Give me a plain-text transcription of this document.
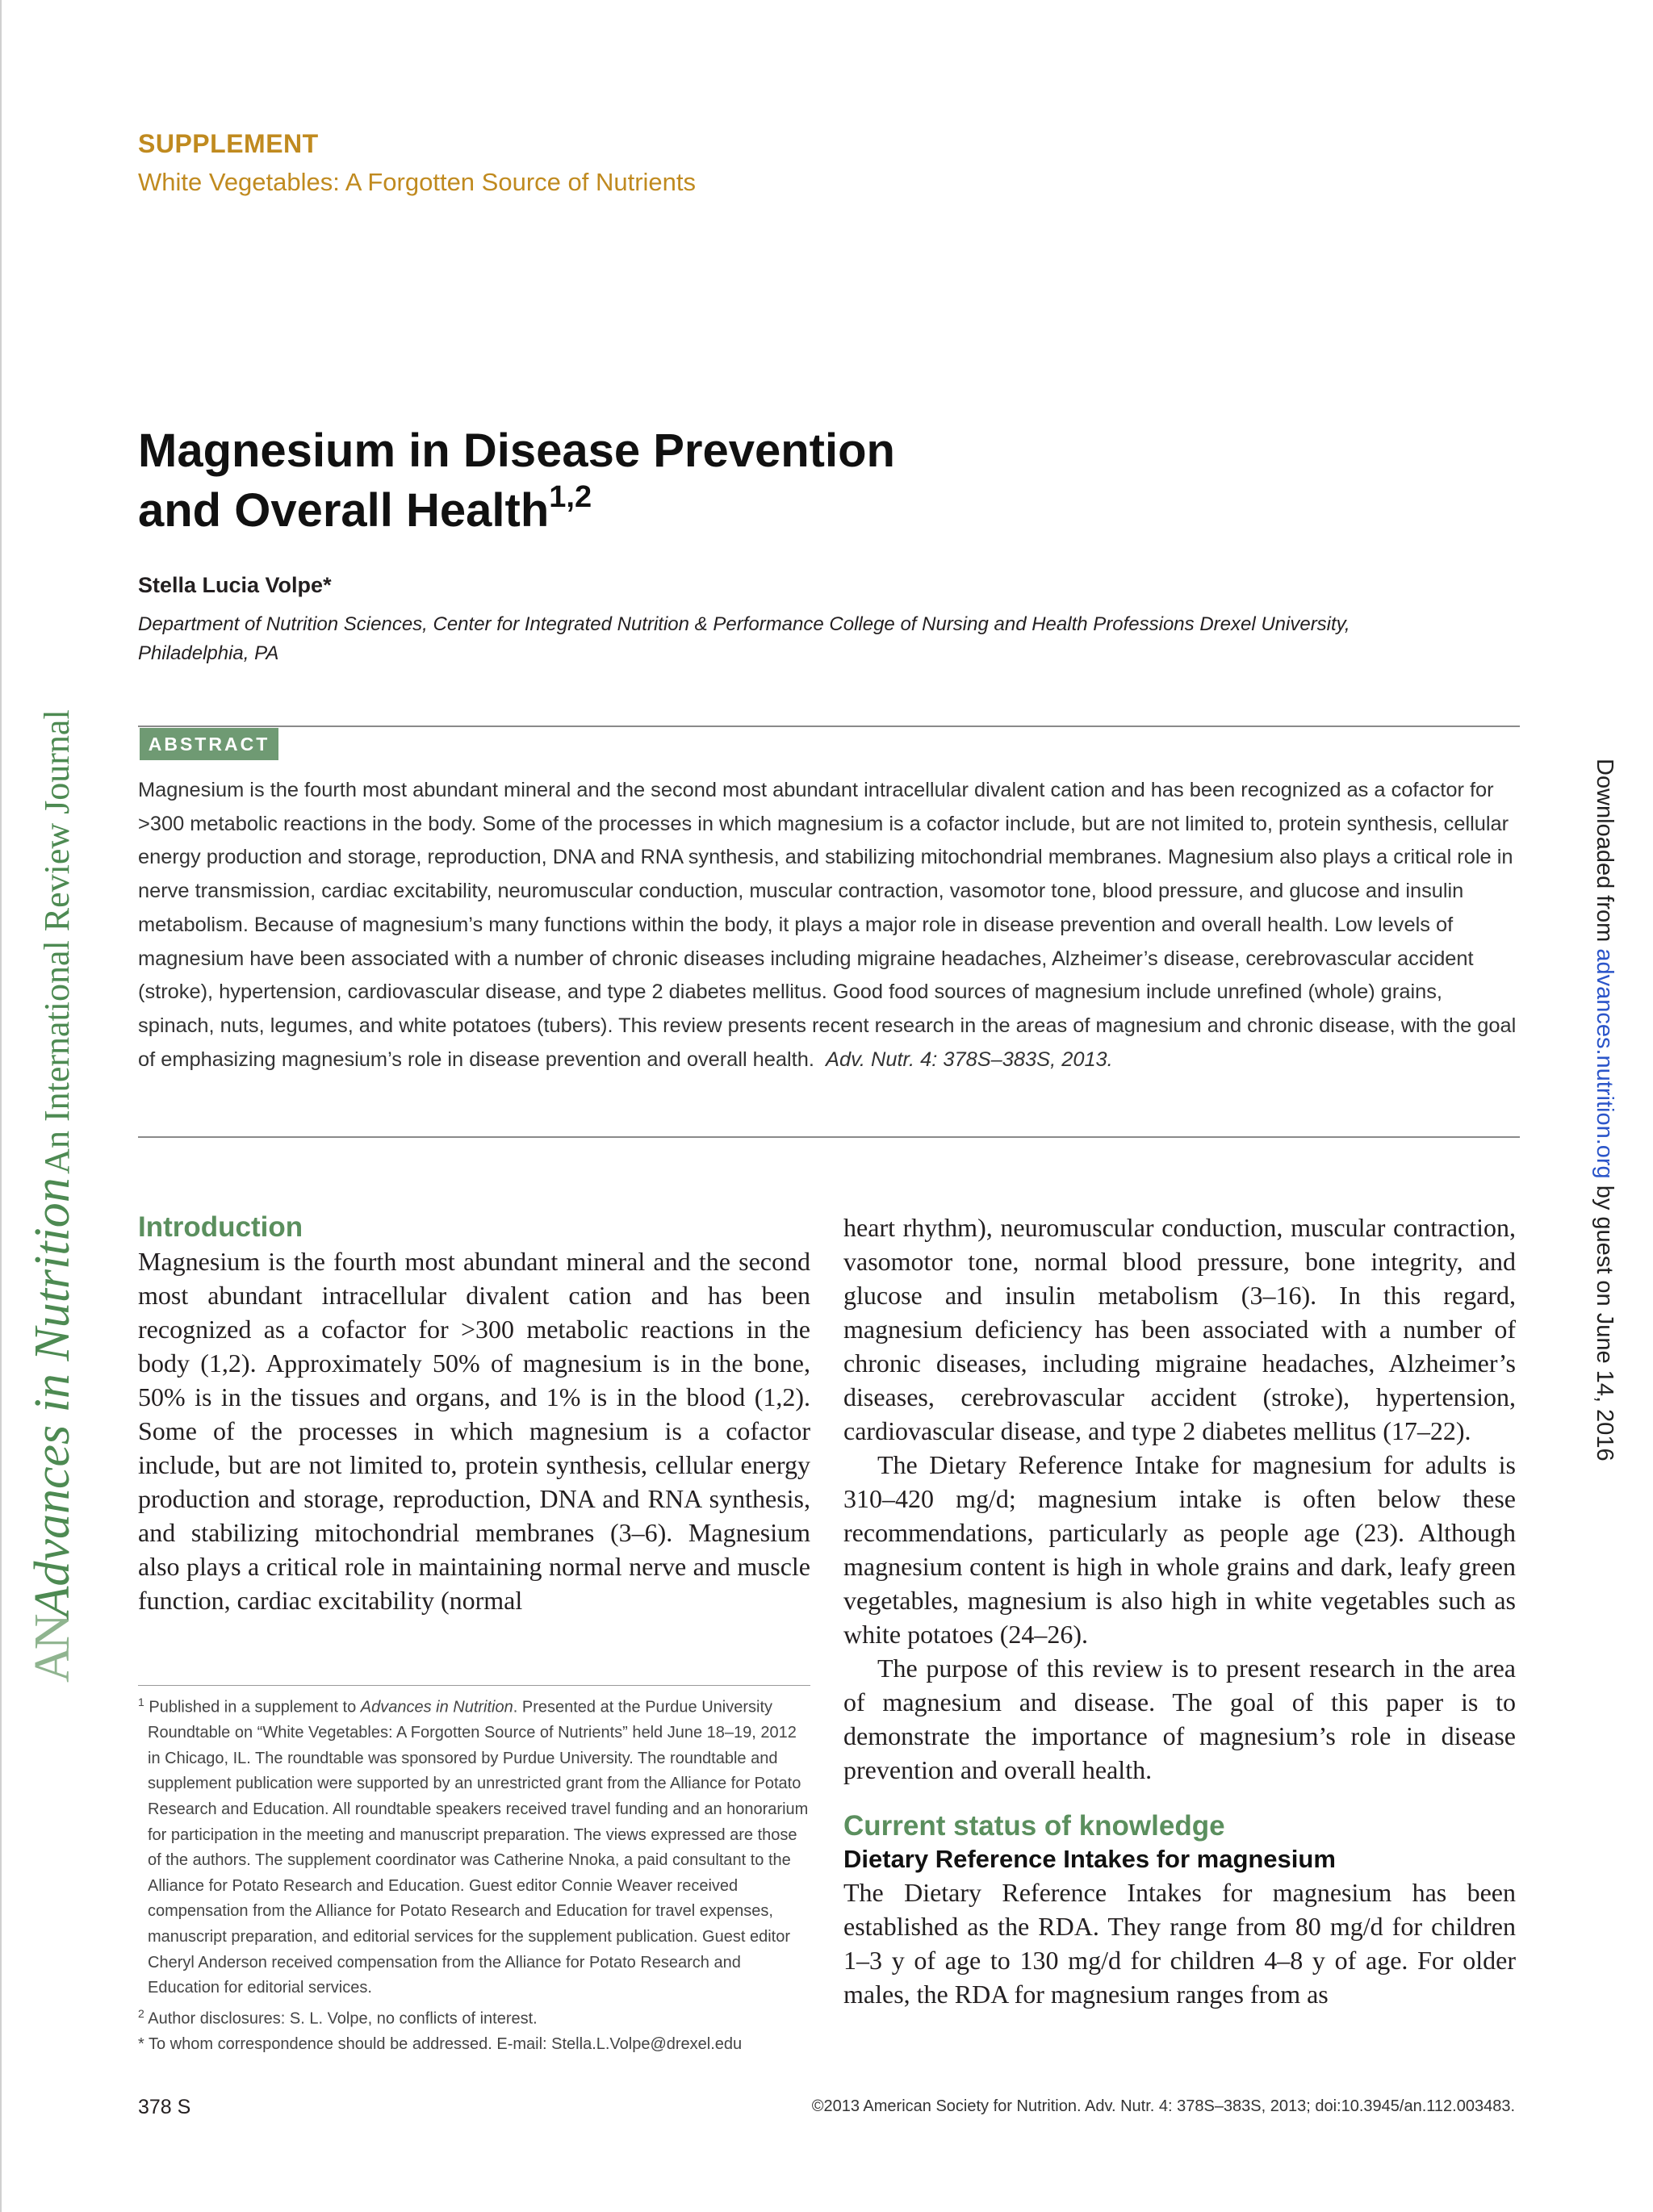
SUPPLEMENT
White Vegetables: A Forgotten Source of Nutrients
Magnesium in Disease Prevention
and Overall Health$^{1,2}$
Stella Lucia Volpe*
Department of Nutrition Sciences, Center for Integrated Nutrition & Performance College of Nursing and Health Professions Drexel University,
Philadelphia, PA
ABSTRACT
Magnesium is the fourth most abundant mineral and the second most abundant intracellular divalent cation and has been recognized as a cofactor for >300 metabolic reactions in the body. Some of the processes in which magnesium is a cofactor include, but are not limited to, protein synthesis, cellular energy production and storage, reproduction, DNA and RNA synthesis, and stabilizing mitochondrial membranes. Magnesium also plays a critical role in nerve transmission, cardiac excitability, neuromuscular conduction, muscular contraction, vasomotor tone, blood pressure, and glucose and insulin metabolism. Because of magnesium’s many functions within the body, it plays a major role in disease prevention and overall health. Low levels of magnesium have been associated with a number of chronic diseases including migraine headaches, Alzheimer’s disease, cerebrovascular accident (stroke), hypertension, cardiovascular disease, and type 2 diabetes mellitus. Good food sources of magnesium include unrefined (whole) grains, spinach, nuts, legumes, and white potatoes (tubers). This review presents recent research in the areas of magnesium and chronic disease, with the goal of emphasizing magnesium’s role in disease prevention and overall health. Adv. Nutr. 4: 378S–383S, 2013.
Introduction

Magnesium is the fourth most abundant mineral and the second most abundant intracellular divalent cation and has been recognized as a cofactor for >300 metabolic reactions in the body (1,2). Approximately 50% of magnesium is in the bone, 50% is in the tissues and organs, and 1% is in the blood (1,2). Some of the processes in which magnesium is a cofactor include, but are not limited to, protein synthesis, cellular energy production and storage, reproduction, DNA and RNA synthesis, and stabilizing mitochondrial membranes (3–6). Magnesium also plays a critical role in maintaining normal nerve and muscle function, cardiac excitability (normal

heart rhythm), neuromuscular conduction, muscular contraction, vasomotor tone, normal blood pressure, bone integrity, and glucose and insulin metabolism (3–16). In this regard, magnesium deficiency has been associated with a number of chronic diseases, including migraine headaches, Alzheimer’s diseases, cerebrovascular accident (stroke), hypertension, cardiovascular disease, and type 2 diabetes mellitus (17–22).

The Dietary Reference Intake for magnesium for adults is 310–420 mg/d; magnesium intake is often below these recommendations, particularly as people age (23). Although magnesium content is high in whole grains and dark, leafy green vegetables, magnesium is also high in white vegetables such as white potatoes (24–26).

The purpose of this review is to present research in the area of magnesium and disease. The goal of this paper is to demonstrate the importance of magnesium’s role in disease prevention and overall health.

Current status of knowledge
Dietary Reference Intakes for magnesium

The Dietary Reference Intakes for magnesium has been established as the RDA. They range from 80 mg/d for children 1–3 y of age to 130 mg/d for children 4–8 y of age. For older males, the RDA for magnesium ranges from as

$^1$ Published in a supplement to Advances in Nutrition. Presented at the Purdue University Roundtable on “White Vegetables: A Forgotten Source of Nutrients” held June 18–19, 2012 in Chicago, IL. The roundtable was sponsored by Purdue University. The roundtable and supplement publication were supported by an unrestricted grant from the Alliance for Potato Research and Education. All roundtable speakers received travel funding and an honorarium for participation in the meeting and manuscript preparation. The views expressed are those of the authors. The supplement coordinator was Catherine Nnoka, a paid consultant to the Alliance for Potato Research and Education. Guest editor Connie Weaver received compensation from the Alliance for Potato Research and Education for travel expenses, manuscript preparation, and editorial services for the supplement publication. Guest editor Cheryl Anderson received compensation from the Alliance for Potato Research and Education for editorial services.
$^2$ Author disclosures: S. L. Volpe, no conflicts of interest.
* To whom correspondence should be addressed. E-mail: Stella.L.Volpe@drexel.edu
378 S	©2013 American Society for Nutrition. Adv. Nutr. 4: 378S–383S, 2013; doi:10.3945/an.112.003483.
ANAdvances in Nutrition An International Review Journal	Downloaded from advances.nutrition.org by guest on June 14, 2016
